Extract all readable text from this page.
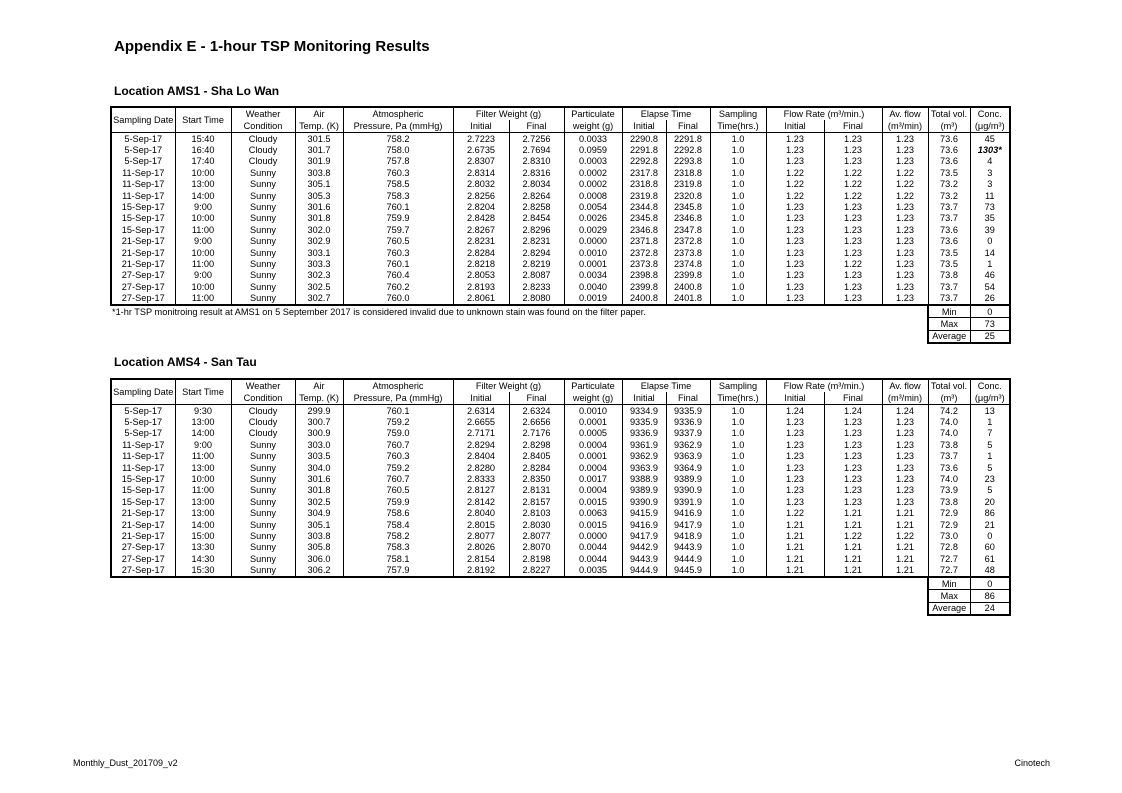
Appendix E - 1-hour TSP Monitoring Results
Location AMS1 - Sha Lo Wan
Sampling Date	Start Time	Weather	Air	Atmospheric	Filter Weight (g)		Particulate	Elapse Time		Sampling	Flow Rate (m³/min.)		Av. flow	Total vol.	Conc.
		Condition	Temp. (K)	Pressure, Pa (mmHg)	Initial	Final	weight (g)	Initial	Final	Time(hrs.)	Initial	Final	(m³/min)	(m³)	(μg/m³)
5-Sep-17	15:40	Cloudy	301.5	758.2	2.7223	2.7256	0.0033	2290.8	2291.8	1.0	1.23	1.23	1.23	73.6	45
5-Sep-17	16:40	Cloudy	301.7	758.0	2.6735	2.7694	0.0959	2291.8	2292.8	1.0	1.23	1.23	1.23	73.6	1303*
5-Sep-17	17:40	Cloudy	301.9	757.8	2.8307	2.8310	0.0003	2292.8	2293.8	1.0	1.23	1.23	1.23	73.6	4
11-Sep-17	10:00	Sunny	303.8	760.3	2.8314	2.8316	0.0002	2317.8	2318.8	1.0	1.22	1.22	1.22	73.5	3
11-Sep-17	13:00	Sunny	305.1	758.5	2.8032	2.8034	0.0002	2318.8	2319.8	1.0	1.22	1.22	1.22	73.2	3
11-Sep-17	14:00	Sunny	305.3	758.3	2.8256	2.8264	0.0008	2319.8	2320.8	1.0	1.22	1.22	1.22	73.2	11
15-Sep-17	9:00	Sunny	301.6	760.1	2.8204	2.8258	0.0054	2344.8	2345.8	1.0	1.23	1.23	1.23	73.7	73
15-Sep-17	10:00	Sunny	301.8	759.9	2.8428	2.8454	0.0026	2345.8	2346.8	1.0	1.23	1.23	1.23	73.7	35
15-Sep-17	11:00	Sunny	302.0	759.7	2.8267	2.8296	0.0029	2346.8	2347.8	1.0	1.23	1.23	1.23	73.6	39
21-Sep-17	9:00	Sunny	302.9	760.5	2.8231	2.8231	0.0000	2371.8	2372.8	1.0	1.23	1.23	1.23	73.6	0
21-Sep-17	10:00	Sunny	303.1	760.3	2.8284	2.8294	0.0010	2372.8	2373.8	1.0	1.23	1.23	1.23	73.5	14
21-Sep-17	11:00	Sunny	303.3	760.1	2.8218	2.8219	0.0001	2373.8	2374.8	1.0	1.23	1.22	1.23	73.5	1
27-Sep-17	9:00	Sunny	302.3	760.4	2.8053	2.8087	0.0034	2398.8	2399.8	1.0	1.23	1.23	1.23	73.8	46
27-Sep-17	10:00	Sunny	302.5	760.2	2.8193	2.8233	0.0040	2399.8	2400.8	1.0	1.23	1.23	1.23	73.7	54
27-Sep-17	11:00	Sunny	302.7	760.0	2.8061	2.8080	0.0019	2400.8	2401.8	1.0	1.23	1.23	1.23	73.7	26
*1-hr TSP monitroing result at AMS1 on 5 September 2017 is considered invalid due to unknown stain was found on the filter paper.														Min	0
														Max	73
														Average	25
Location AMS4 - San Tau
Sampling Date	Start Time	Weather	Air	Atmospheric	Filter Weight (g)		Particulate	Elapse Time		Sampling	Flow Rate (m³/min.)		Av. flow	Total vol.	Conc.
		Condition	Temp. (K)	Pressure, Pa (mmHg)	Initial	Final	weight (g)	Initial	Final	Time(hrs.)	Initial	Final	(m³/min)	(m³)	(μg/m³)
5-Sep-17	9:30	Cloudy	299.9	760.1	2.6314	2.6324	0.0010	9334.9	9335.9	1.0	1.24	1.24	1.24	74.2	13
5-Sep-17	13:00	Cloudy	300.7	759.2	2.6655	2.6656	0.0001	9335.9	9336.9	1.0	1.23	1.23	1.23	74.0	1
5-Sep-17	14:00	Cloudy	300.9	759.0	2.7171	2.7176	0.0005	9336.9	9337.9	1.0	1.23	1.23	1.23	74.0	7
11-Sep-17	9:00	Sunny	303.0	760.7	2.8294	2.8298	0.0004	9361.9	9362.9	1.0	1.23	1.23	1.23	73.8	5
11-Sep-17	11:00	Sunny	303.5	760.3	2.8404	2.8405	0.0001	9362.9	9363.9	1.0	1.23	1.23	1.23	73.7	1
11-Sep-17	13:00	Sunny	304.0	759.2	2.8280	2.8284	0.0004	9363.9	9364.9	1.0	1.23	1.23	1.23	73.6	5
15-Sep-17	10:00	Sunny	301.6	760.7	2.8333	2.8350	0.0017	9388.9	9389.9	1.0	1.23	1.23	1.23	74.0	23
15-Sep-17	11:00	Sunny	301.8	760.5	2.8127	2.8131	0.0004	9389.9	9390.9	1.0	1.23	1.23	1.23	73.9	5
15-Sep-17	13:00	Sunny	302.5	759.9	2.8142	2.8157	0.0015	9390.9	9391.9	1.0	1.23	1.23	1.23	73.8	20
21-Sep-17	13:00	Sunny	304.9	758.6	2.8040	2.8103	0.0063	9415.9	9416.9	1.0	1.22	1.21	1.21	72.9	86
21-Sep-17	14:00	Sunny	305.1	758.4	2.8015	2.8030	0.0015	9416.9	9417.9	1.0	1.21	1.21	1.21	72.9	21
21-Sep-17	15:00	Sunny	303.8	758.2	2.8077	2.8077	0.0000	9417.9	9418.9	1.0	1.21	1.22	1.22	73.0	0
27-Sep-17	13:30	Sunny	305.8	758.3	2.8026	2.8070	0.0044	9442.9	9443.9	1.0	1.21	1.21	1.21	72.8	60
27-Sep-17	14:30	Sunny	306.0	758.1	2.8154	2.8198	0.0044	9443.9	9444.9	1.0	1.21	1.21	1.21	72.7	61
27-Sep-17	15:30	Sunny	306.2	757.9	2.8192	2.8227	0.0035	9444.9	9445.9	1.0	1.21	1.21	1.21	72.7	48
														Min	0
														Max	86
														Average	24
Monthly_Dust_201709_v2	Cinotech
